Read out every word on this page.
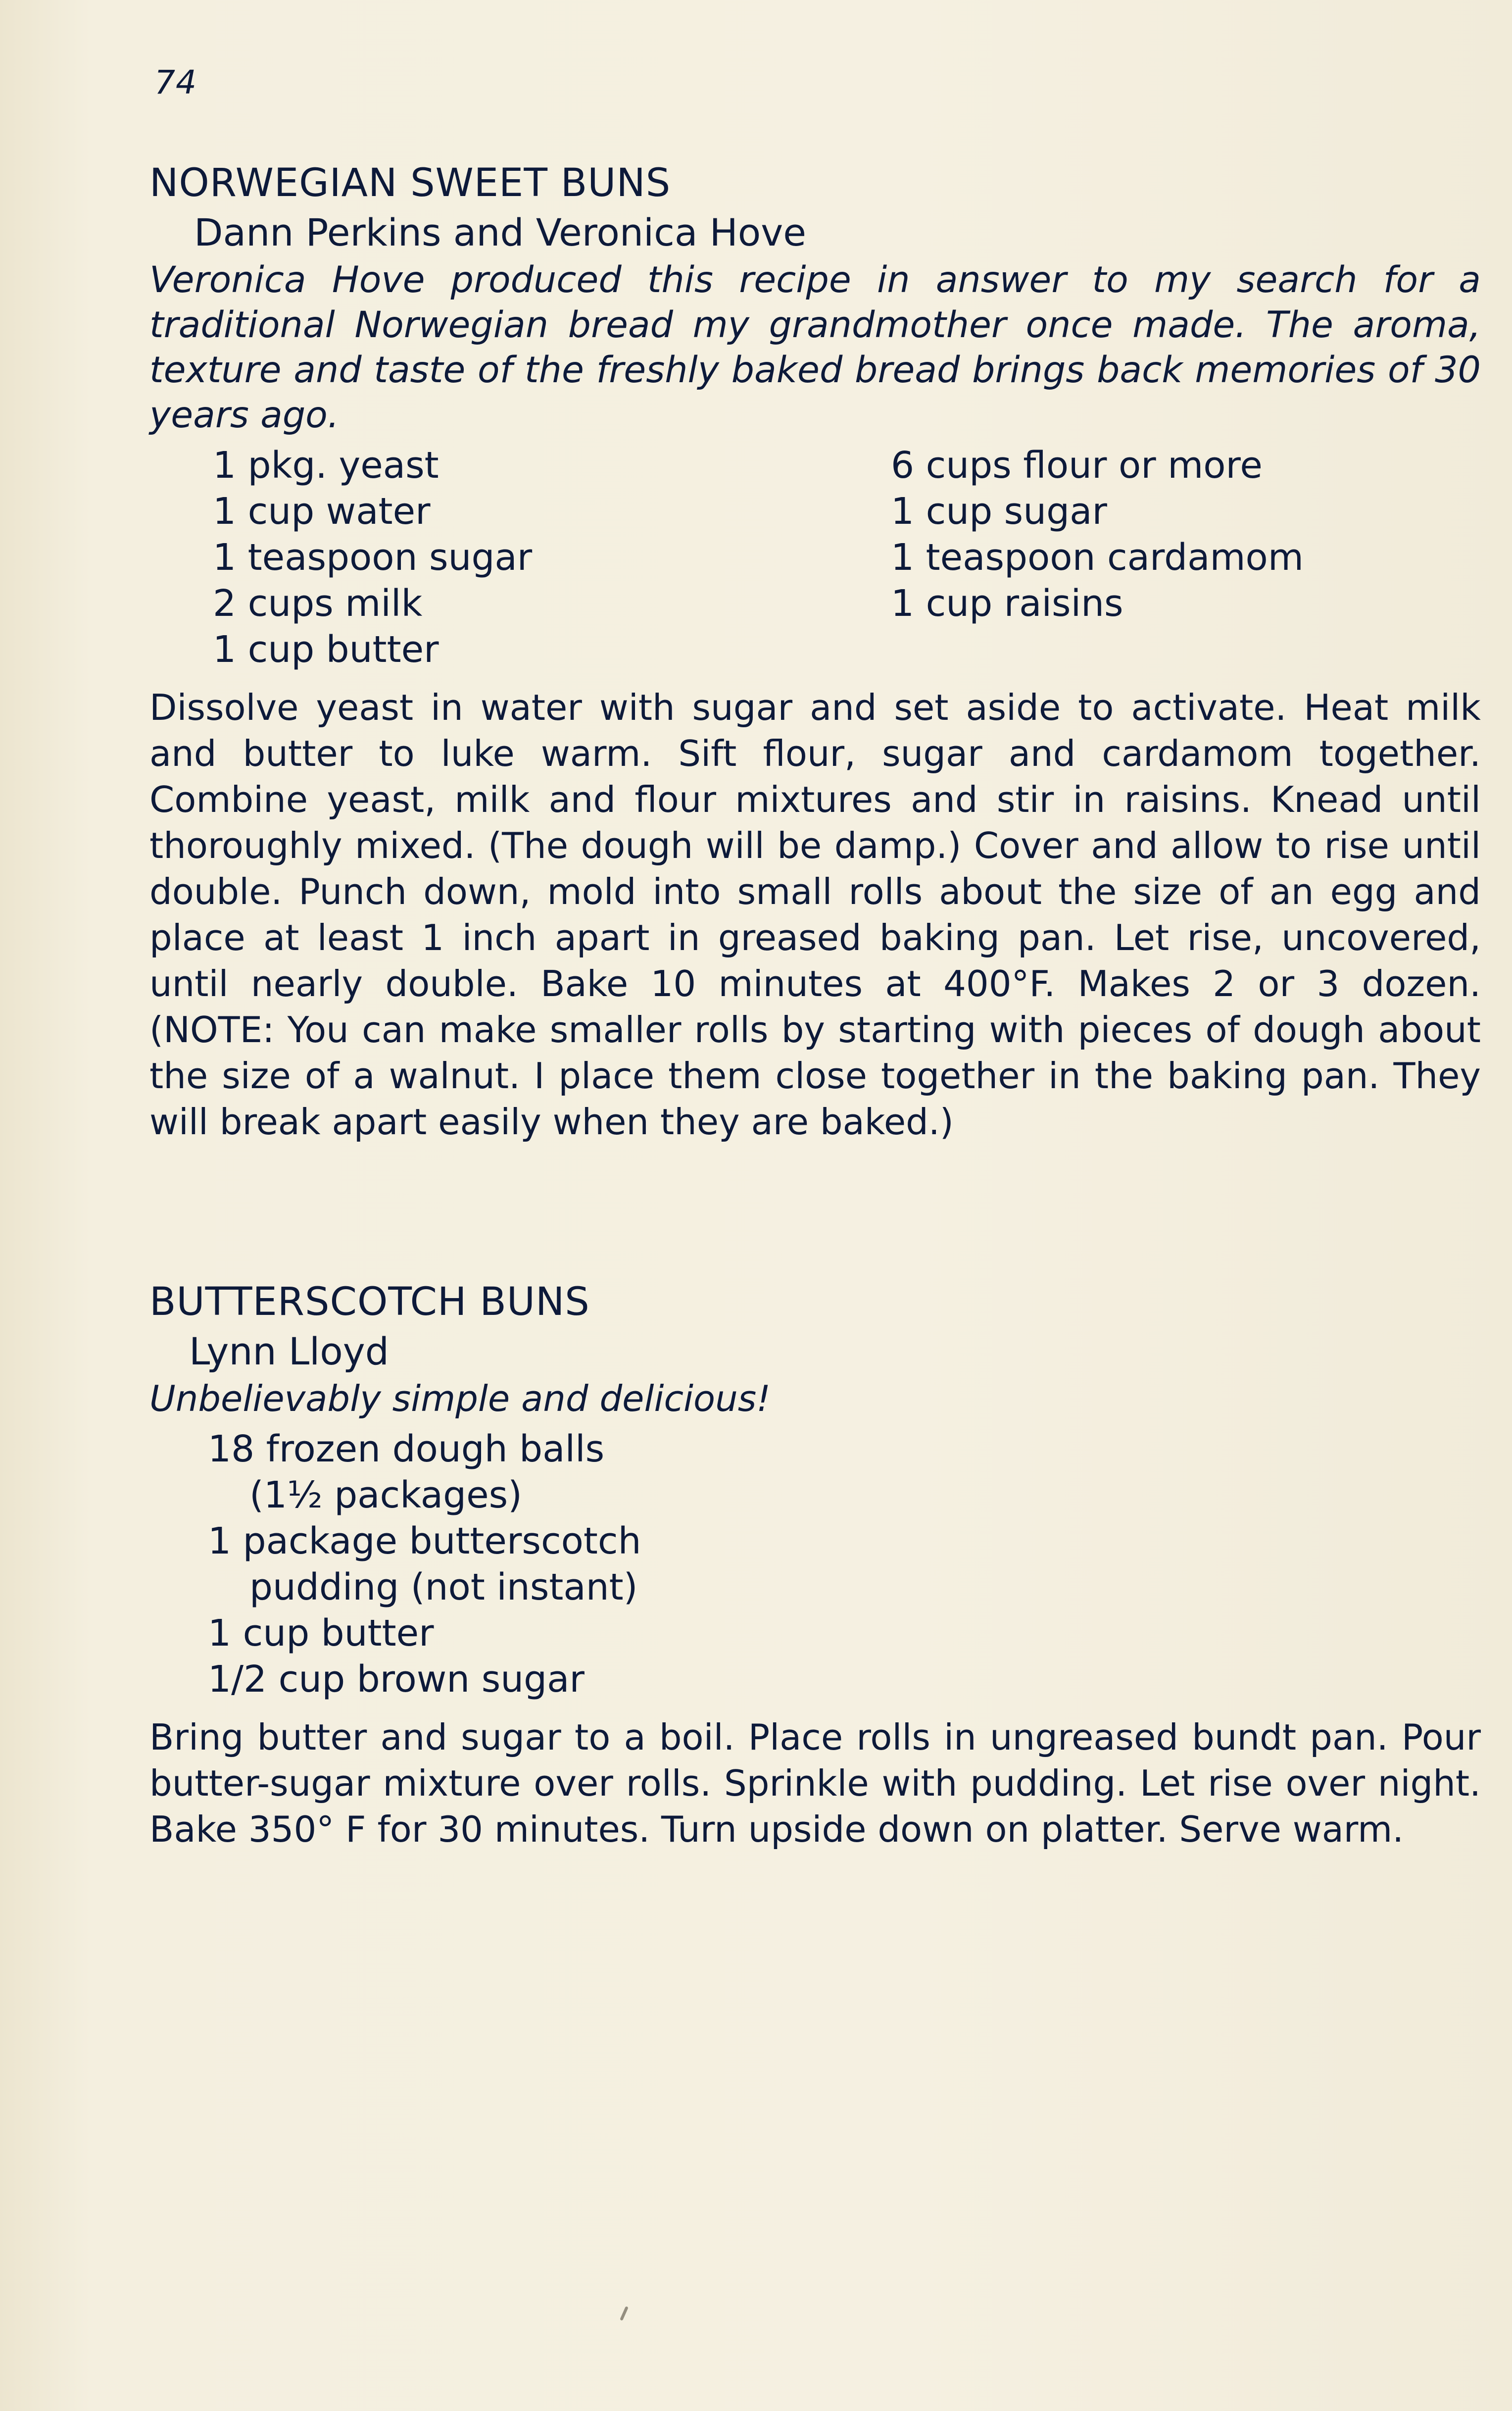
74
NORWEGIAN SWEET BUNS
Dann Perkins and Veronica Hove
Veronica Hove produced this recipe in answer to my search for a traditional Norwegian bread my grandmother once made. The aroma, texture and taste of the freshly baked bread brings back memories of 30 years ago.
1 pkg. yeast
1 cup water
1 teaspoon sugar
2 cups milk
1 cup butter
6 cups flour or more
1 cup sugar
1 teaspoon cardamom
1 cup raisins
Dissolve yeast in water with sugar and set aside to activate. Heat milk and butter to luke warm. Sift flour, sugar and cardamom together. Combine yeast, milk and flour mixtures and stir in raisins. Knead until thoroughly mixed. (The dough will be damp.) Cover and allow to rise until double. Punch down, mold into small rolls about the size of an egg and place at least 1 inch apart in greased baking pan. Let rise, uncovered, until nearly double. Bake 10 minutes at 400°F. Makes 2 or 3 dozen. (NOTE: You can make smaller rolls by starting with pieces of dough about the size of a walnut. I place them close together in the baking pan. They will break apart easily when they are baked.)
BUTTERSCOTCH BUNS
Lynn Lloyd
Unbelievably simple and delicious!
18 frozen dough balls
(1½ packages)
1 package butterscotch
pudding (not instant)
1 cup butter
1/2 cup brown sugar
Bring butter and sugar to a boil. Place rolls in ungreased bundt pan. Pour butter-sugar mixture over rolls. Sprinkle with pudding. Let rise over night. Bake 350° F for 30 minutes. Turn upside down on platter. Serve warm.
